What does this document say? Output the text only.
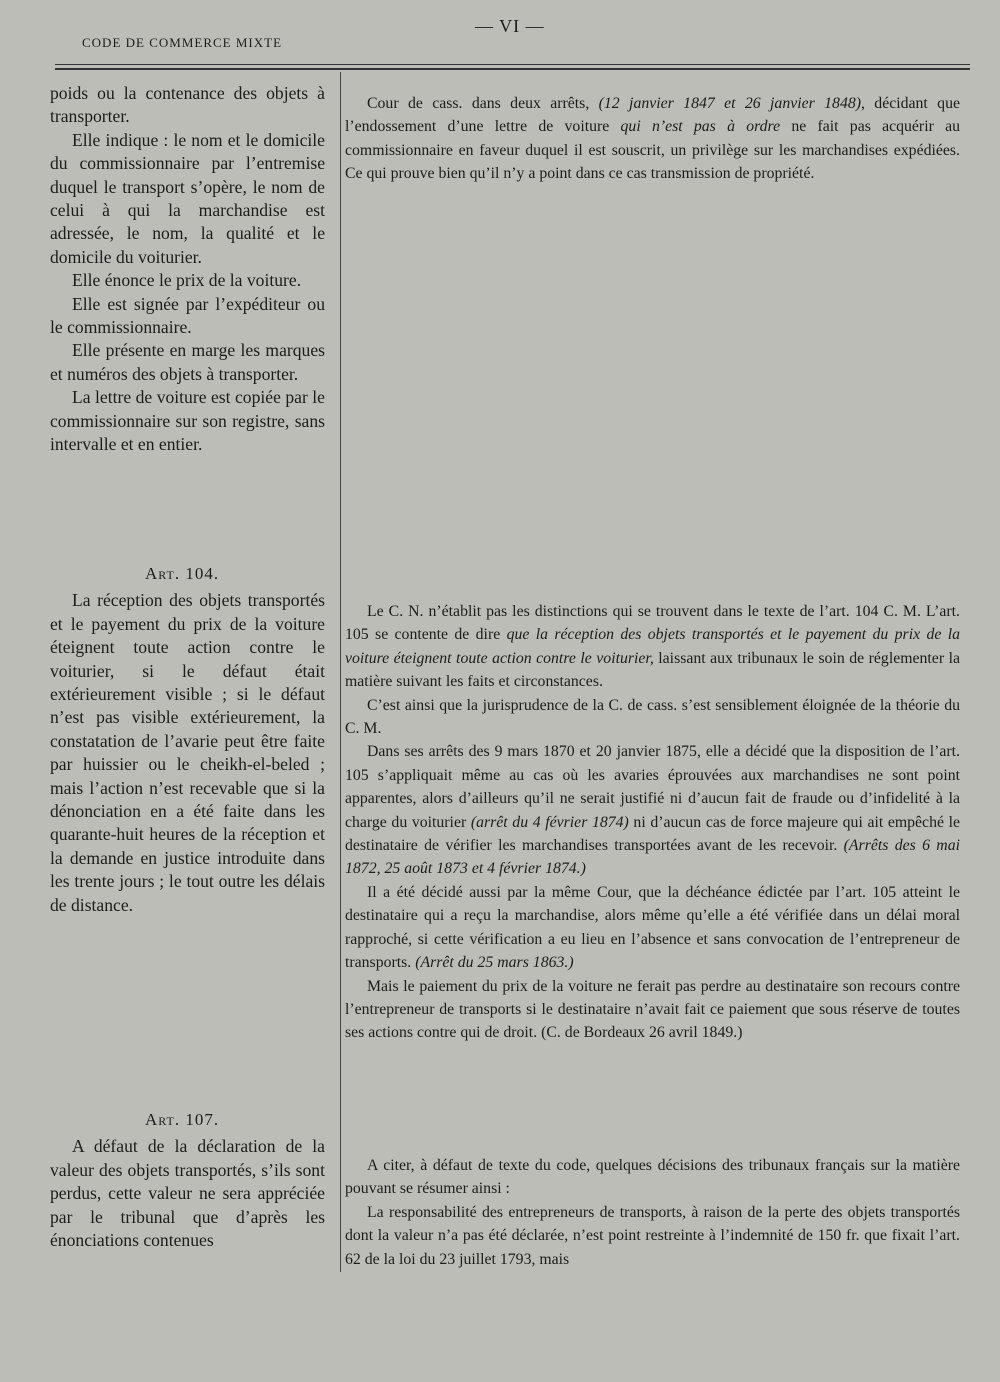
CODE DE COMMERCE MIXTE
— VI —

poids ou la contenance des objets à transporter.

Elle indique : le nom et le domicile du commissionnaire par l’entremise duquel le transport s’opère, le nom de celui à qui la marchandise est adressée, le nom, la qualité et le domicile du voiturier.

Elle énonce le prix de la voiture.

Elle est signée par l’expéditeur ou le commissionnaire.

Elle présente en marge les marques et numéros des objets à transporter.

La lettre de voiture est copiée par le commissionnaire sur son registre, sans intervalle et en entier.

Art. 104.

La réception des objets transportés et le payement du prix de la voiture éteignent toute action contre le voiturier, si le défaut était extérieurement visible ; si le défaut n’est pas visible extérieurement, la constatation de l’avarie peut être faite par huissier ou le cheikh-el-beled ; mais l’action n’est recevable que si la dénonciation en a été faite dans les quarante-huit heures de la réception et la demande en justice introduite dans les trente jours ; le tout outre les délais de distance.

Art. 107.

A défaut de la déclaration de la valeur des objets transportés, s’ils sont perdus, cette valeur ne sera appréciée par le tribunal que d’après les énonciations contenues

Cour de cass. dans deux arrêts, (12 janvier 1847 et 26 janvier 1848), décidant que l’endossement d’une lettre de voiture qui n’est pas à ordre ne fait pas acquérir au commissionnaire en faveur duquel il est souscrit, un privilège sur les marchandises expédiées. Ce qui prouve bien qu’il n’y a point dans ce cas transmission de propriété.

Le C. N. n’établit pas les distinctions qui se trouvent dans le texte de l’art. 104 C. M. L’art. 105 se contente de dire que la réception des objets transportés et le payement du prix de la voiture éteignent toute action contre le voiturier, laissant aux tribunaux le soin de réglementer la matière suivant les faits et circonstances.

C’est ainsi que la jurisprudence de la C. de cass. s’est sensiblement éloignée de la théorie du C. M.

Dans ses arrêts des 9 mars 1870 et 20 janvier 1875, elle a décidé que la disposition de l’art. 105 s’appliquait même au cas où les avaries éprouvées aux marchandises ne sont point apparentes, alors d’ailleurs qu’il ne serait justifié ni d’aucun fait de fraude ou d’infidelité à la charge du voiturier (arrêt du 4 février 1874) ni d’aucun cas de force majeure qui ait empêché le destinataire de vérifier les marchandises transportées avant de les recevoir. (Arrêts des 6 mai 1872, 25 août 1873 et 4 février 1874.)

Il a été décidé aussi par la même Cour, que la déchéance édictée par l’art. 105 atteint le destinataire qui a reçu la marchandise, alors même qu’elle a été vérifiée dans un délai moral rapproché, si cette vérification a eu lieu en l’absence et sans convocation de l’entrepreneur de transports. (Arrêt du 25 mars 1863.)

Mais le paiement du prix de la voiture ne ferait pas perdre au destinataire son recours contre l’entrepreneur de transports si le destinataire n’avait fait ce paiement que sous réserve de toutes ses actions contre qui de droit. (C. de Bordeaux 26 avril 1849.)

A citer, à défaut de texte du code, quelques décisions des tribunaux français sur la matière pouvant se résumer ainsi :

La responsabilité des entrepreneurs de transports, à raison de la perte des objets transportés dont la valeur n’a pas été déclarée, n’est point restreinte à l’indemnité de 150 fr. que fixait l’art. 62 de la loi du 23 juillet 1793, mais
